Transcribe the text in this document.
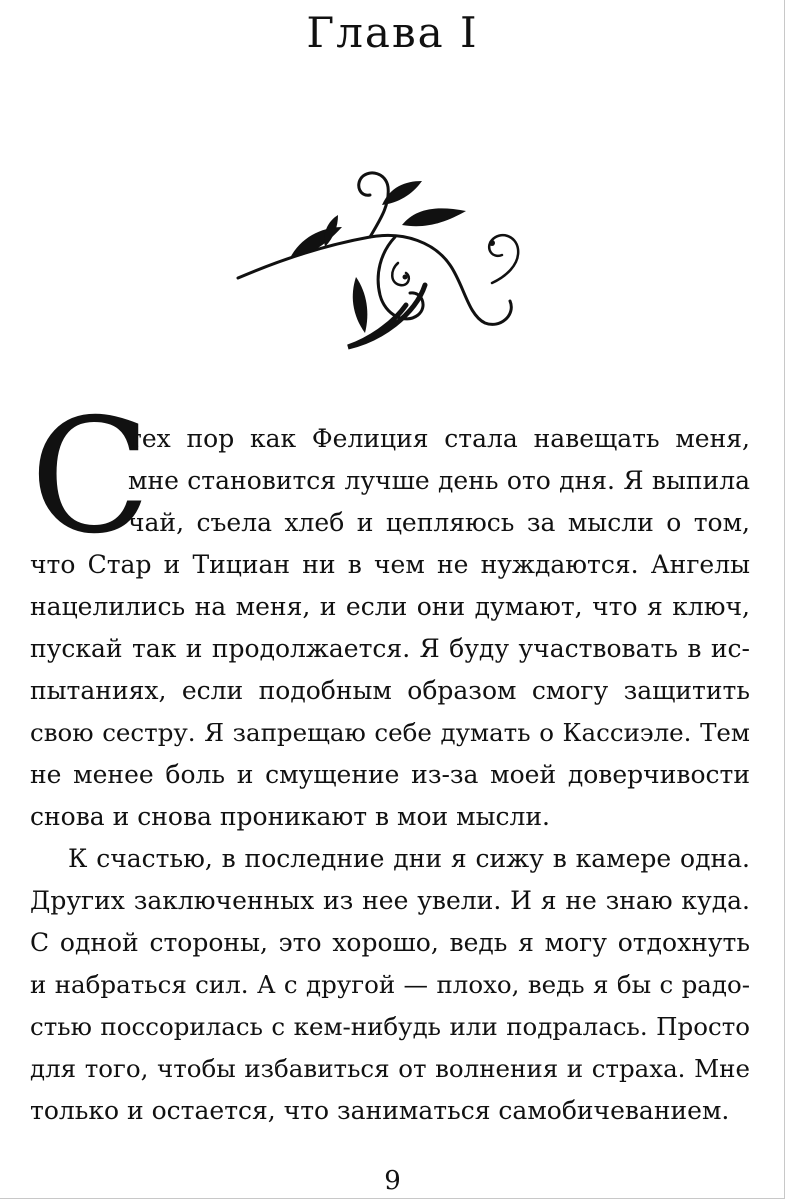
Глава I
С
тех пор как Фелиция стала навещать меня,
мне становится лучше день ото дня. Я выпила
чай, съела хлеб и цепляюсь за мысли о том,
что Стар и Тициан ни в чем не нуждаются. Ангелы
нацелились на меня, и если они думают, что я ключ,
пускай так и продолжается. Я буду участвовать в ис-
пытаниях, если подобным образом смогу защитить
свою сестру. Я запрещаю себе думать о Кассиэле. Тем
не менее боль и смущение из-за моей доверчивости
снова и снова проникают в мои мысли.
К счастью, в последние дни я сижу в камере одна.
Других заключенных из нее увели. И я не знаю куда.
С одной стороны, это хорошо, ведь я могу отдохнуть
и набраться сил. А с другой — плохо, ведь я бы с радо-
стью поссорилась с кем-нибудь или подралась. Просто
для того, чтобы избавиться от волнения и страха. Мне
только и остается, что заниматься самобичеванием.
9
